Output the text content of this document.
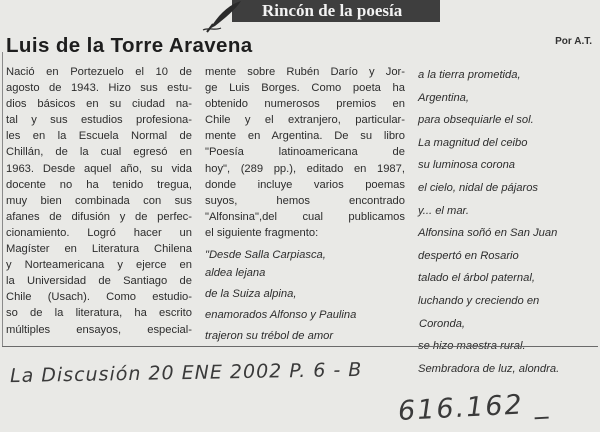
Rincón de la poesía
Luis de la Torre Aravena	Por A.T.
Nació en Portezuelo el 10 de
agosto de 1943. Hizo sus estu-
dios básicos en su ciudad na-
tal y sus estudios profesiona-
les en la Escuela Normal de
Chillán, de la cual egresó en
1963. Desde aquel año, su vida
docente no ha tenido tregua,
muy bien combinada con sus
afanes de difusión y de perfec-
cionamiento. Logró hacer un
Magíster en Literatura Chilena
y Norteamericana y ejerce en
la Universidad de Santiago de
Chile (Usach). Como estudio-
so de la literatura, ha escrito
múltiples ensayos, especial-
mente sobre Rubén Darío y Jor-
ge Luis Borges. Como poeta ha
obtenido numerosos premios en
Chile y el extranjero, particular-
mente en Argentina. De su libro
"Poesía latinoamericana de
hoy", (289 pp.), editado en 1987,
donde incluye varios poemas
suyos, hemos encontrado
"Alfonsina",del cual publicamos
el siguiente fragmento:
"Desde Salla Carpiasca,
aldea lejana
de la Suiza alpina,
enamorados Alfonso y Paulina
trajeron su trébol de amor
a la tierra prometida,
Argentina,
para obsequiarle el sol.
La magnitud del ceibo
su luminosa corona
el cielo, nidal de pájaros
y... el mar.
Alfonsina soñó en San Juan
despertó en Rosario
talado el árbol paternal,
luchando y creciendo en
Coronda,
se hizo maestra rural.
Sembradora de luz, alondra.
La Discusión 20 ENE 2002 P. 6 - B
616.162 _
